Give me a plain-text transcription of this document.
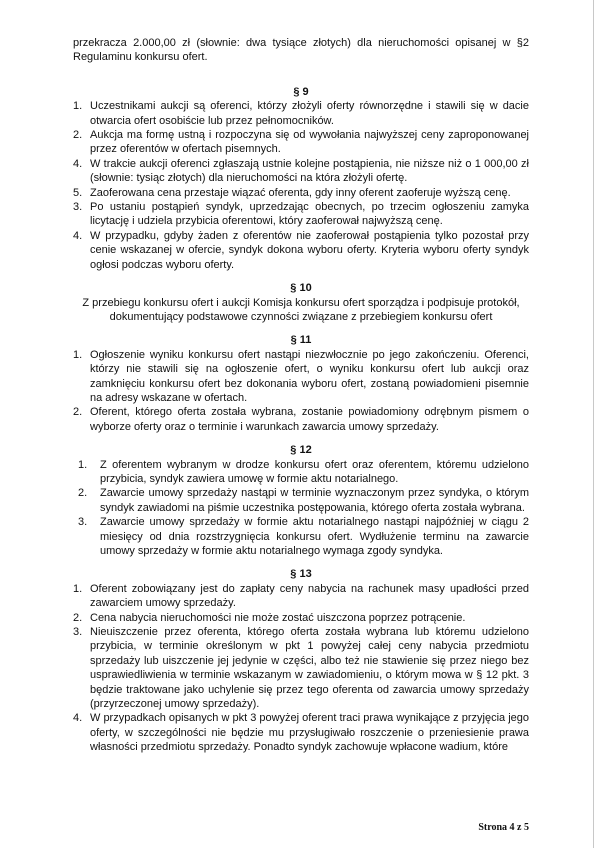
przekracza 2.000,00 zł (słownie: dwa tysiące złotych) dla nieruchomości opisanej w §2 Regulaminu konkursu ofert.

§ 9

1. Uczestnikami aukcji są oferenci, którzy złożyli oferty równorzędne i stawili się w dacie otwarcia ofert osobiście lub przez pełnomocników.
2. Aukcja ma formę ustną i rozpoczyna się od wywołania najwyższej ceny zaproponowanej przez oferentów w ofertach pisemnych.
4. W trakcie aukcji oferenci zgłaszają ustnie kolejne postąpienia, nie niższe niż o 1 000,00 zł (słownie: tysiąc złotych) dla nieruchomości na która złożyli ofertę.
5. Zaoferowana cena przestaje wiązać oferenta, gdy inny oferent zaoferuje wyższą cenę.
3. Po ustaniu postąpień syndyk, uprzedzając obecnych, po trzecim ogłoszeniu zamyka licytację i udziela przybicia oferentowi, który zaoferował najwyższą cenę.
4. W przypadku, gdyby żaden z oferentów nie zaoferował postąpienia tylko pozostał przy cenie wskazanej w ofercie, syndyk dokona wyboru oferty. Kryteria wyboru oferty syndyk ogłosi podczas wyboru oferty.

§ 10

Z przebiegu konkursu ofert i aukcji Komisja konkursu ofert sporządza i podpisuje protokół, dokumentujący podstawowe czynności związane z przebiegiem konkursu ofert

§ 11

1. Ogłoszenie wyniku konkursu ofert nastąpi niezwłocznie po jego zakończeniu. Oferenci, którzy nie stawili się na ogłoszenie ofert, o wyniku konkursu ofert lub aukcji oraz zamknięciu konkursu ofert bez dokonania wyboru ofert, zostaną powiadomieni pisemnie na adresy wskazane w ofertach.
2. Oferent, którego oferta została wybrana, zostanie powiadomiony odrębnym pismem o wyborze oferty oraz o terminie i warunkach zawarcia umowy sprzedaży.

§ 12

1. Z oferentem wybranym w drodze konkursu ofert oraz oferentem, któremu udzielono przybicia, syndyk zawiera umowę w formie aktu notarialnego.
2. Zawarcie umowy sprzedaży nastąpi w terminie wyznaczonym przez syndyka, o którym syndyk zawiadomi na piśmie uczestnika postępowania, którego oferta została wybrana.
3. Zawarcie umowy sprzedaży w formie aktu notarialnego nastąpi najpóźniej w ciągu 2 miesięcy od dnia rozstrzygnięcia konkursu ofert. Wydłużenie terminu na zawarcie umowy sprzedaży w formie aktu notarialnego wymaga zgody syndyka.

§ 13

1. Oferent zobowiązany jest do zapłaty ceny nabycia na rachunek masy upadłości przed zawarciem umowy sprzedaży.
2. Cena nabycia nieruchomości nie może zostać uiszczona poprzez potrącenie.
3. Nieuiszczenie przez oferenta, którego oferta została wybrana lub któremu udzielono przybicia, w terminie określonym w pkt 1 powyżej całej ceny nabycia przedmiotu sprzedaży lub uiszczenie jej jedynie w części, albo też nie stawienie się przez niego bez usprawiedliwienia w terminie wskazanym w zawiadomieniu, o którym mowa w § 12 pkt. 3 będzie traktowane jako uchylenie się przez tego oferenta od zawarcia umowy sprzedaży (przyrzeczonej umowy sprzedaży).
4. W przypadkach opisanych w pkt 3 powyżej oferent traci prawa wynikające z przyjęcia jego oferty, w szczególności nie będzie mu przysługiwało roszczenie o przeniesienie prawa własności przedmiotu sprzedaży. Ponadto syndyk zachowuje wpłacone wadium, które
Strona 4 z 5
